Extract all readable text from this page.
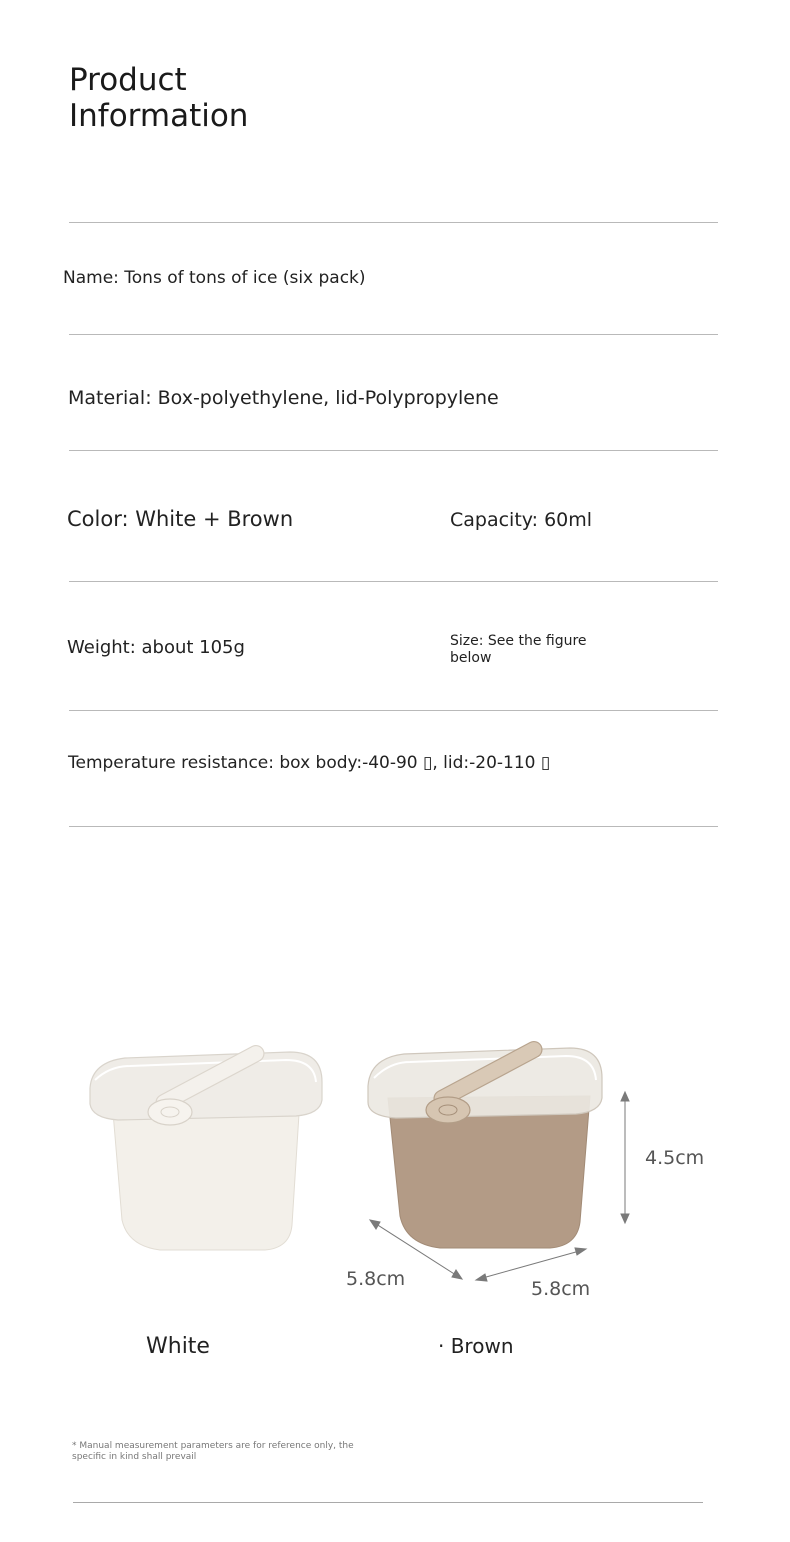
Product Information
Name: Tons of tons of ice (six pack)
Material: Box-polyethylene, lid-Polypropylene
Color: White + Brown	Capacity: 60ml
Weight: about 105g	Size: See the figure below
Temperature resistance: box body:-40-90 ▯, lid:-20-110 ▯
4.5cm
5.8cm	5.8cm
White	· Brown
* Manual measurement parameters are for reference only, the specific in kind shall prevail
